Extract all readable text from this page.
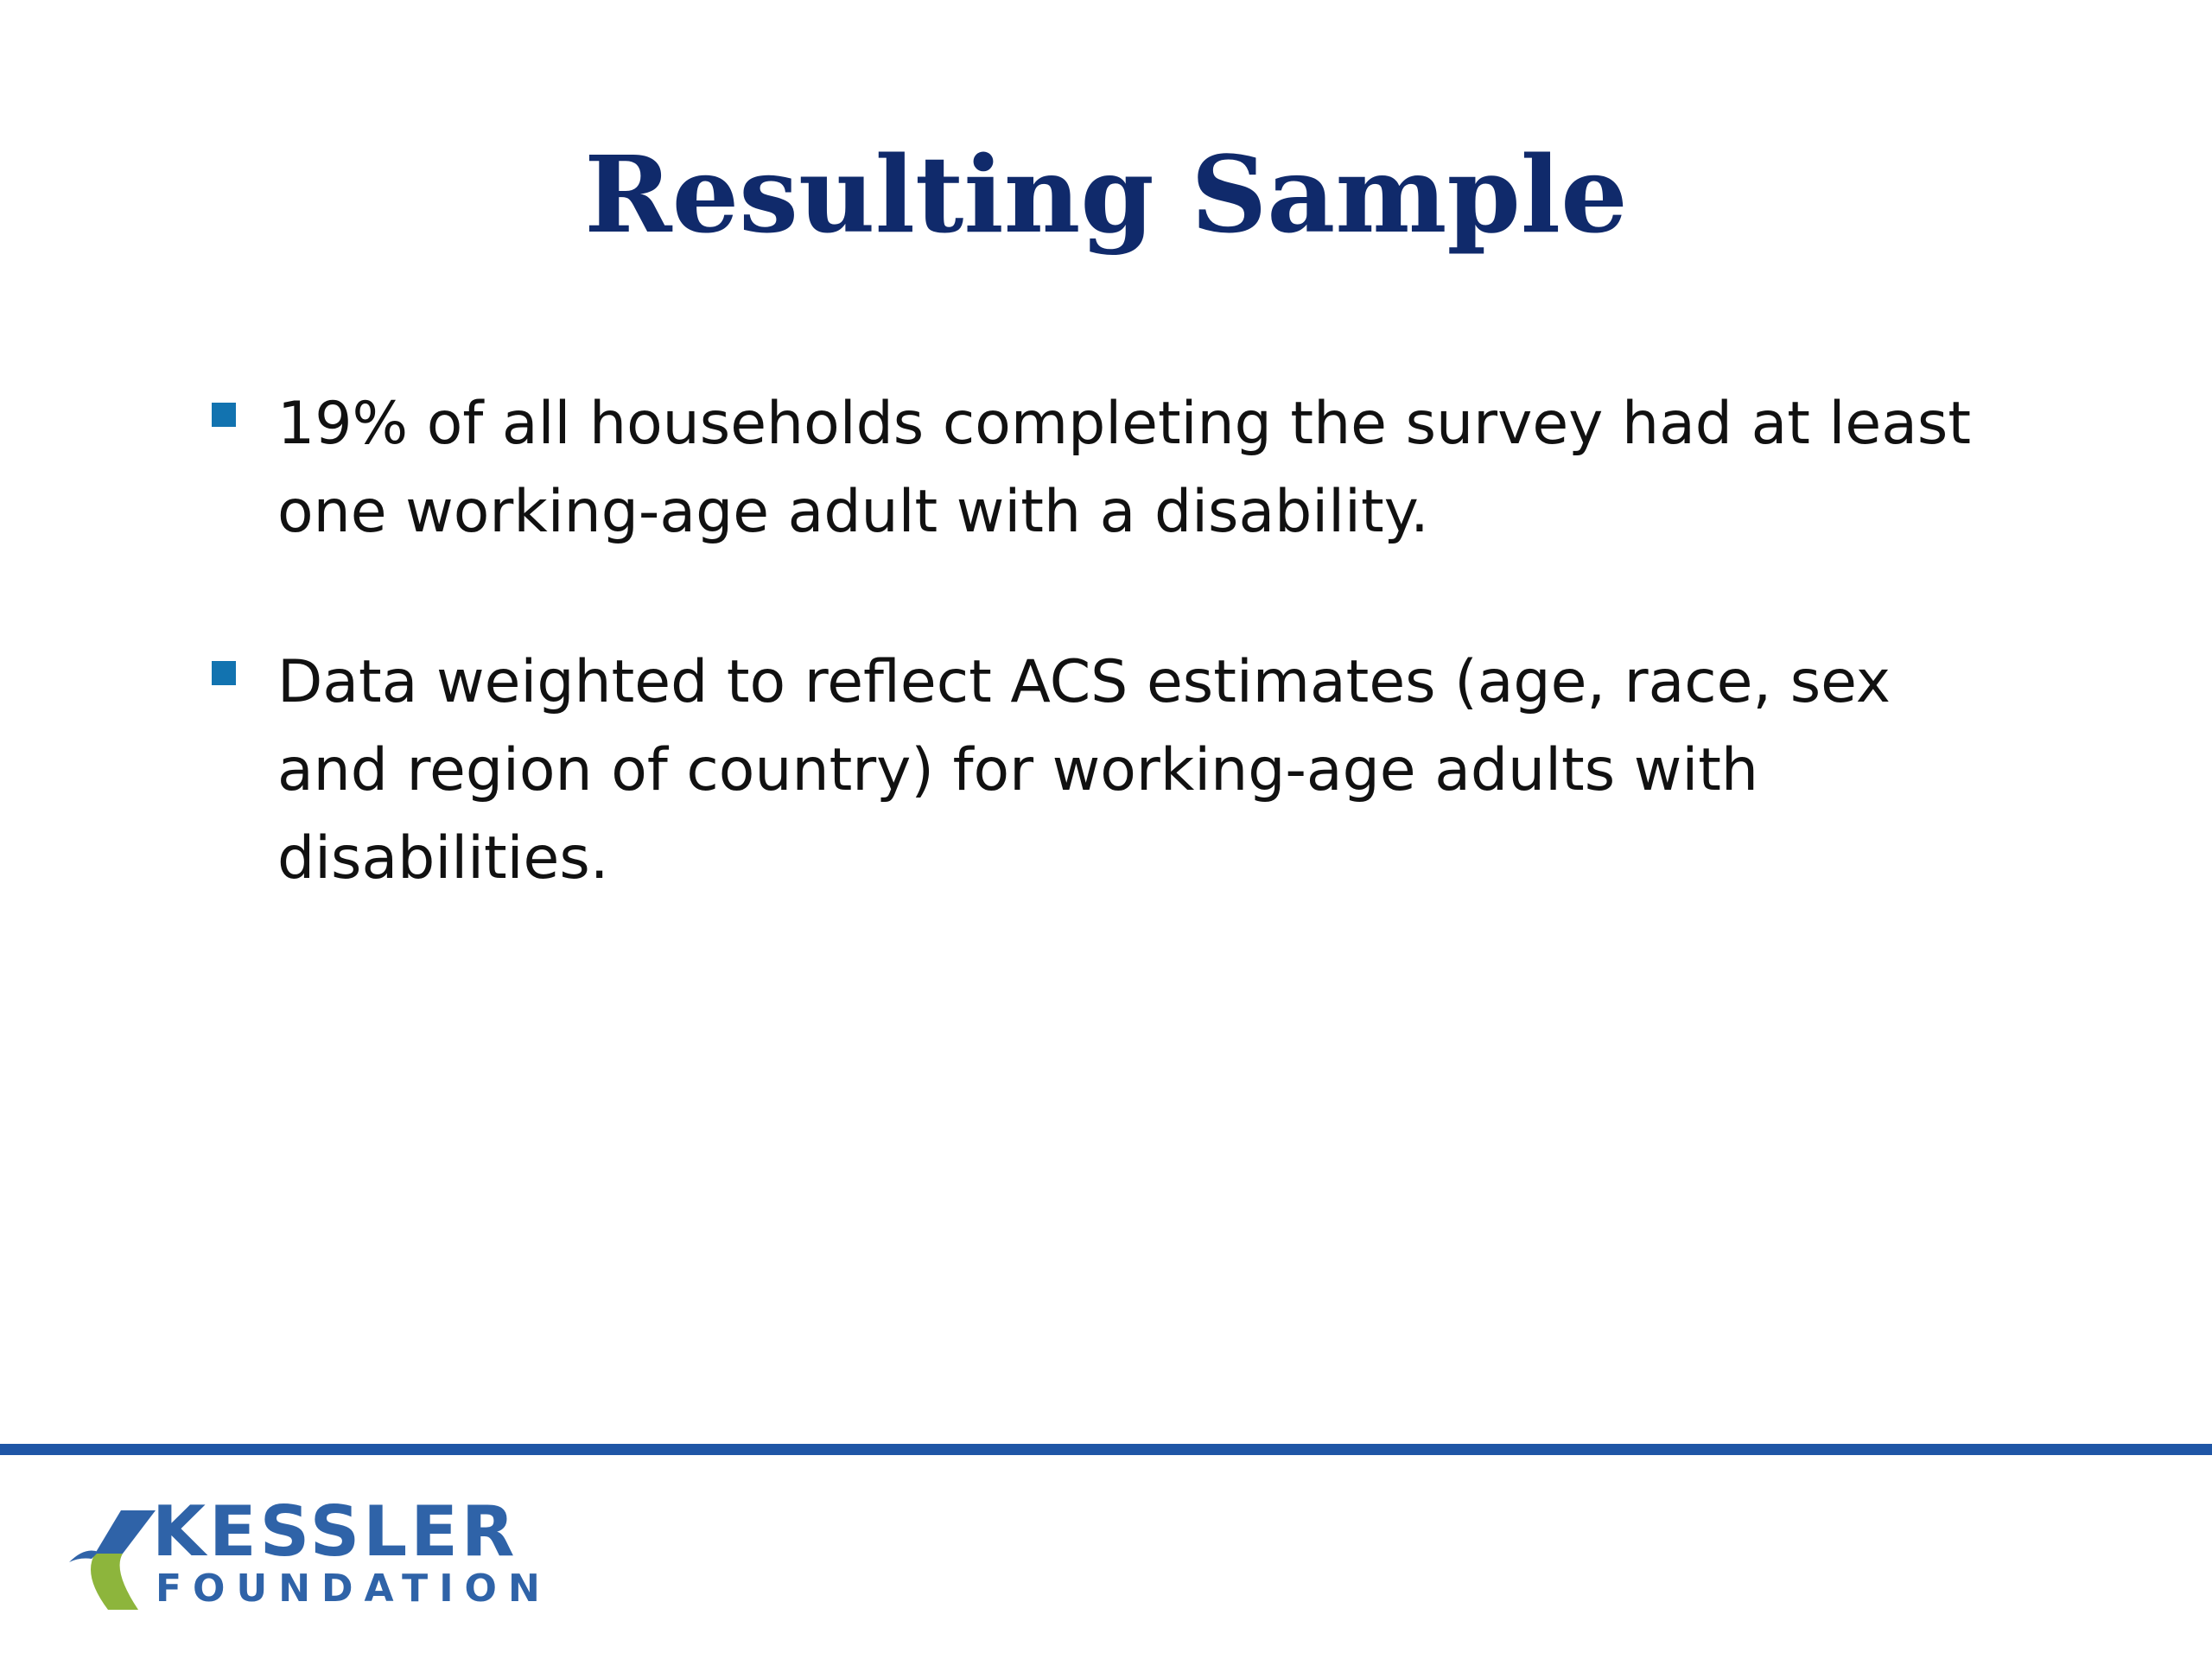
Resulting Sample
19% of all households completing the survey had at least one working-age adult with a disability.
Data weighted to reflect ACS estimates (age, race, sex and region of country) for working-age adults with disabilities.
KESSLER
FOUNDATION
